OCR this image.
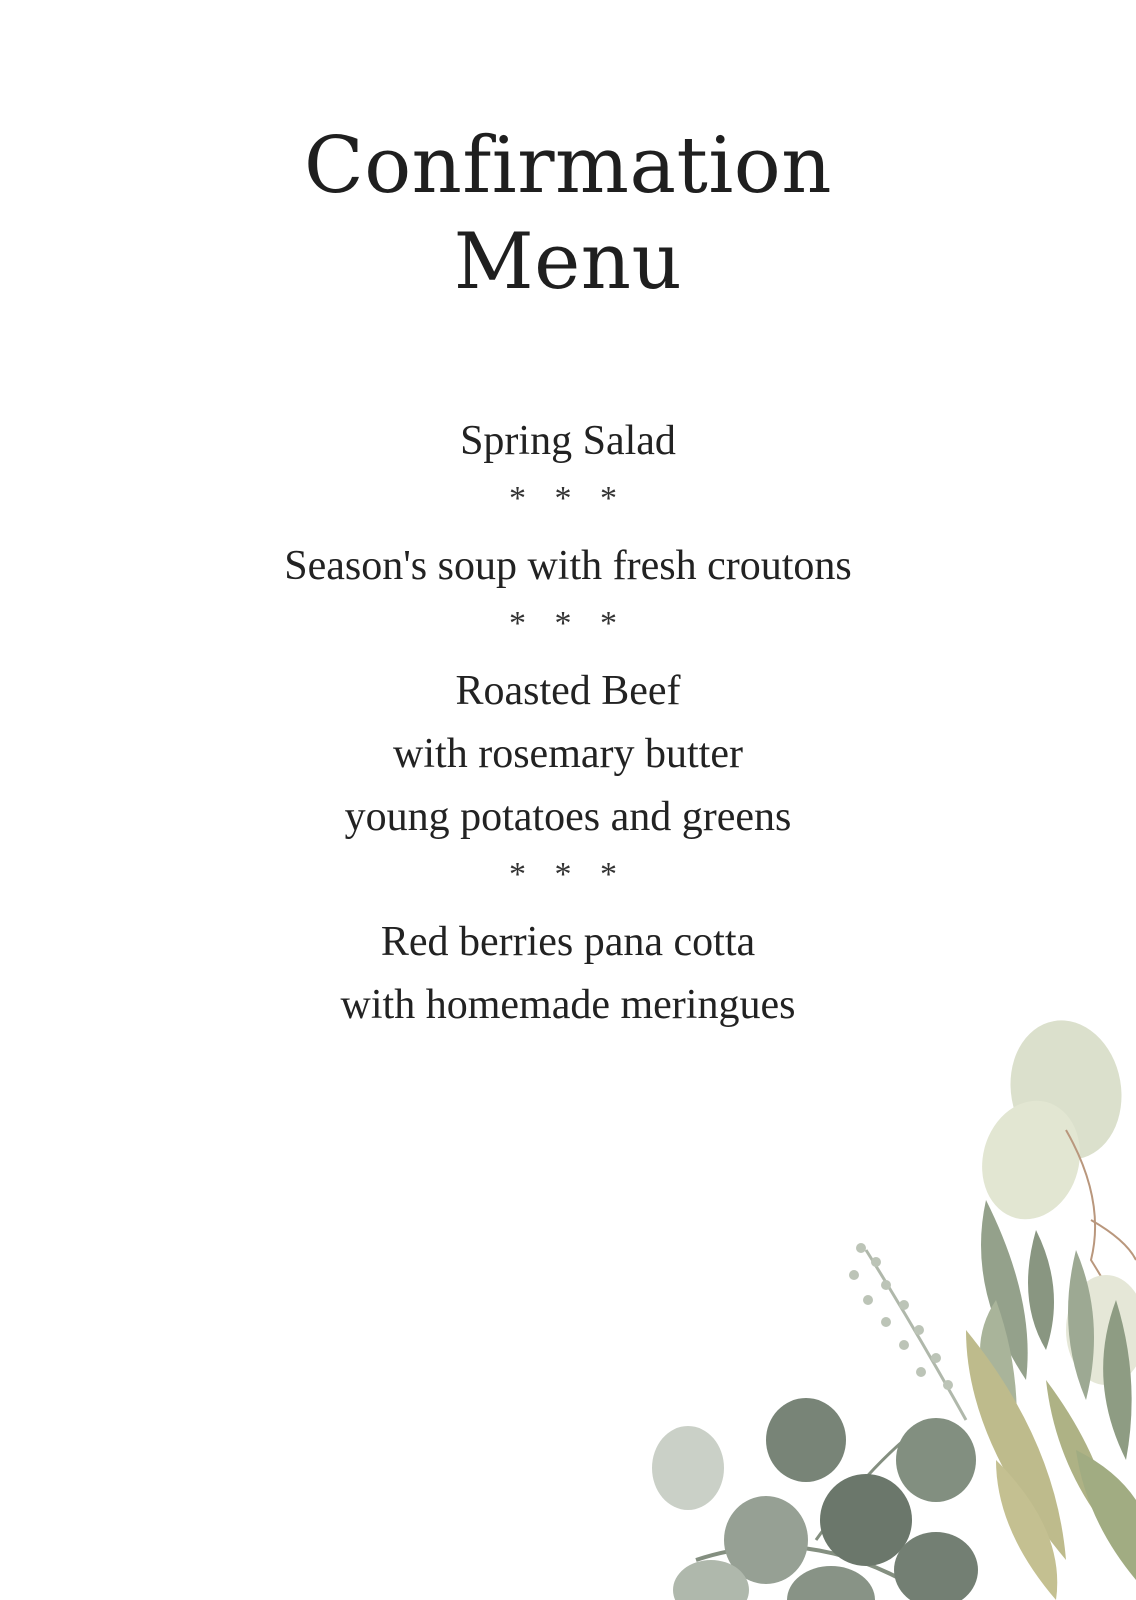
Confirmation
Menu
Spring Salad
* * *
Season's soup with fresh croutons
* * *
Roasted Beef
with rosemary butter
young potatoes and greens
* * *
Red berries pana cotta
with homemade meringues
